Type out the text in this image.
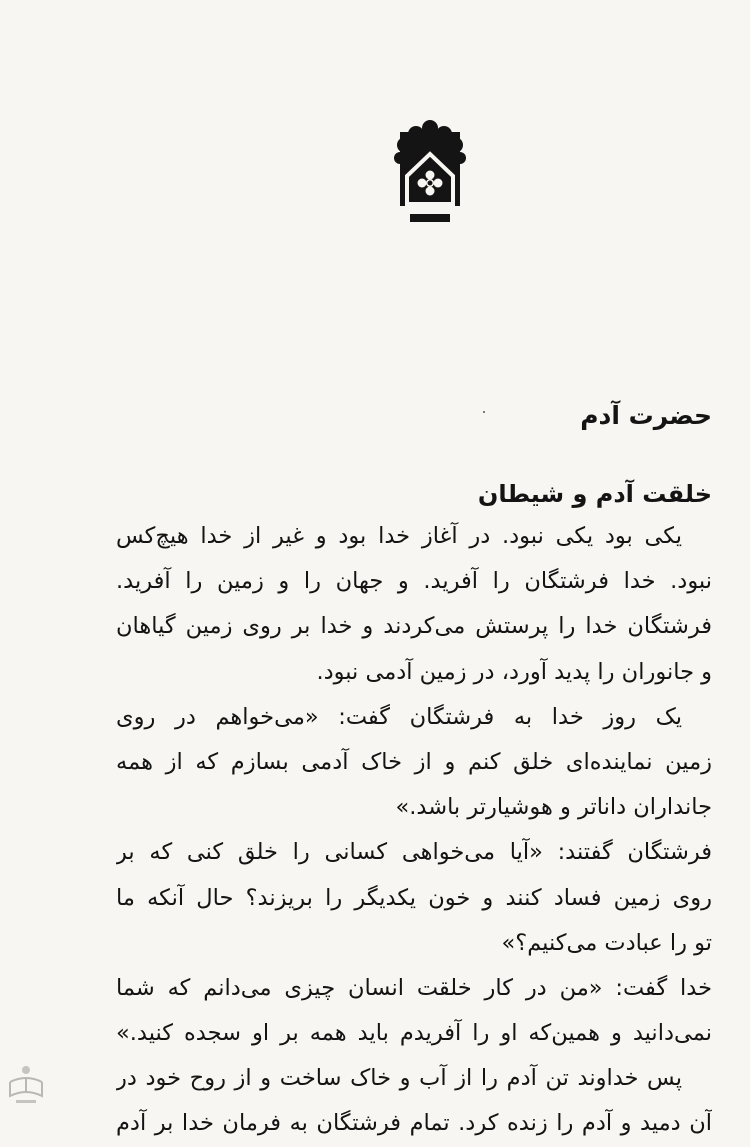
حضرت آدم
خلقت آدم و شیطان
یکی بود یکی نبود. در آغاز خدا بود و غیر از خدا هیچ‌کس
نبود. خدا فرشتگان را آفرید. و جهان را و زمین را آفرید.
فرشتگان خدا را پرستش می‌کردند و خدا بر روی زمین گیاهان
و جانوران را پدید آورد، در زمین آدمی نبود.
یک روز خدا به فرشتگان گفت: «می‌خواهم در روی
زمین نماینده‌ای خلق کنم و از خاک آدمی بسازم که از همه
جانداران داناتر و هوشیارتر باشد.»
فرشتگان گفتند: «آیا می‌خواهی کسانی را خلق کنی که بر
روی زمین فساد کنند و خون یکدیگر را بریزند؟ حال آنکه ما
تو را عبادت می‌کنیم؟»
خدا گفت: «من در کار خلقت انسان چیزی می‌دانم که شما
نمی‌دانید و همین‌که او را آفریدم باید همه بر او سجده کنید.»
پس خداوند تن آدم را از آب و خاک ساخت و از روح خود در
آن دمید و آدم را زنده کرد. تمام فرشتگان به فرمان خدا بر آدم
